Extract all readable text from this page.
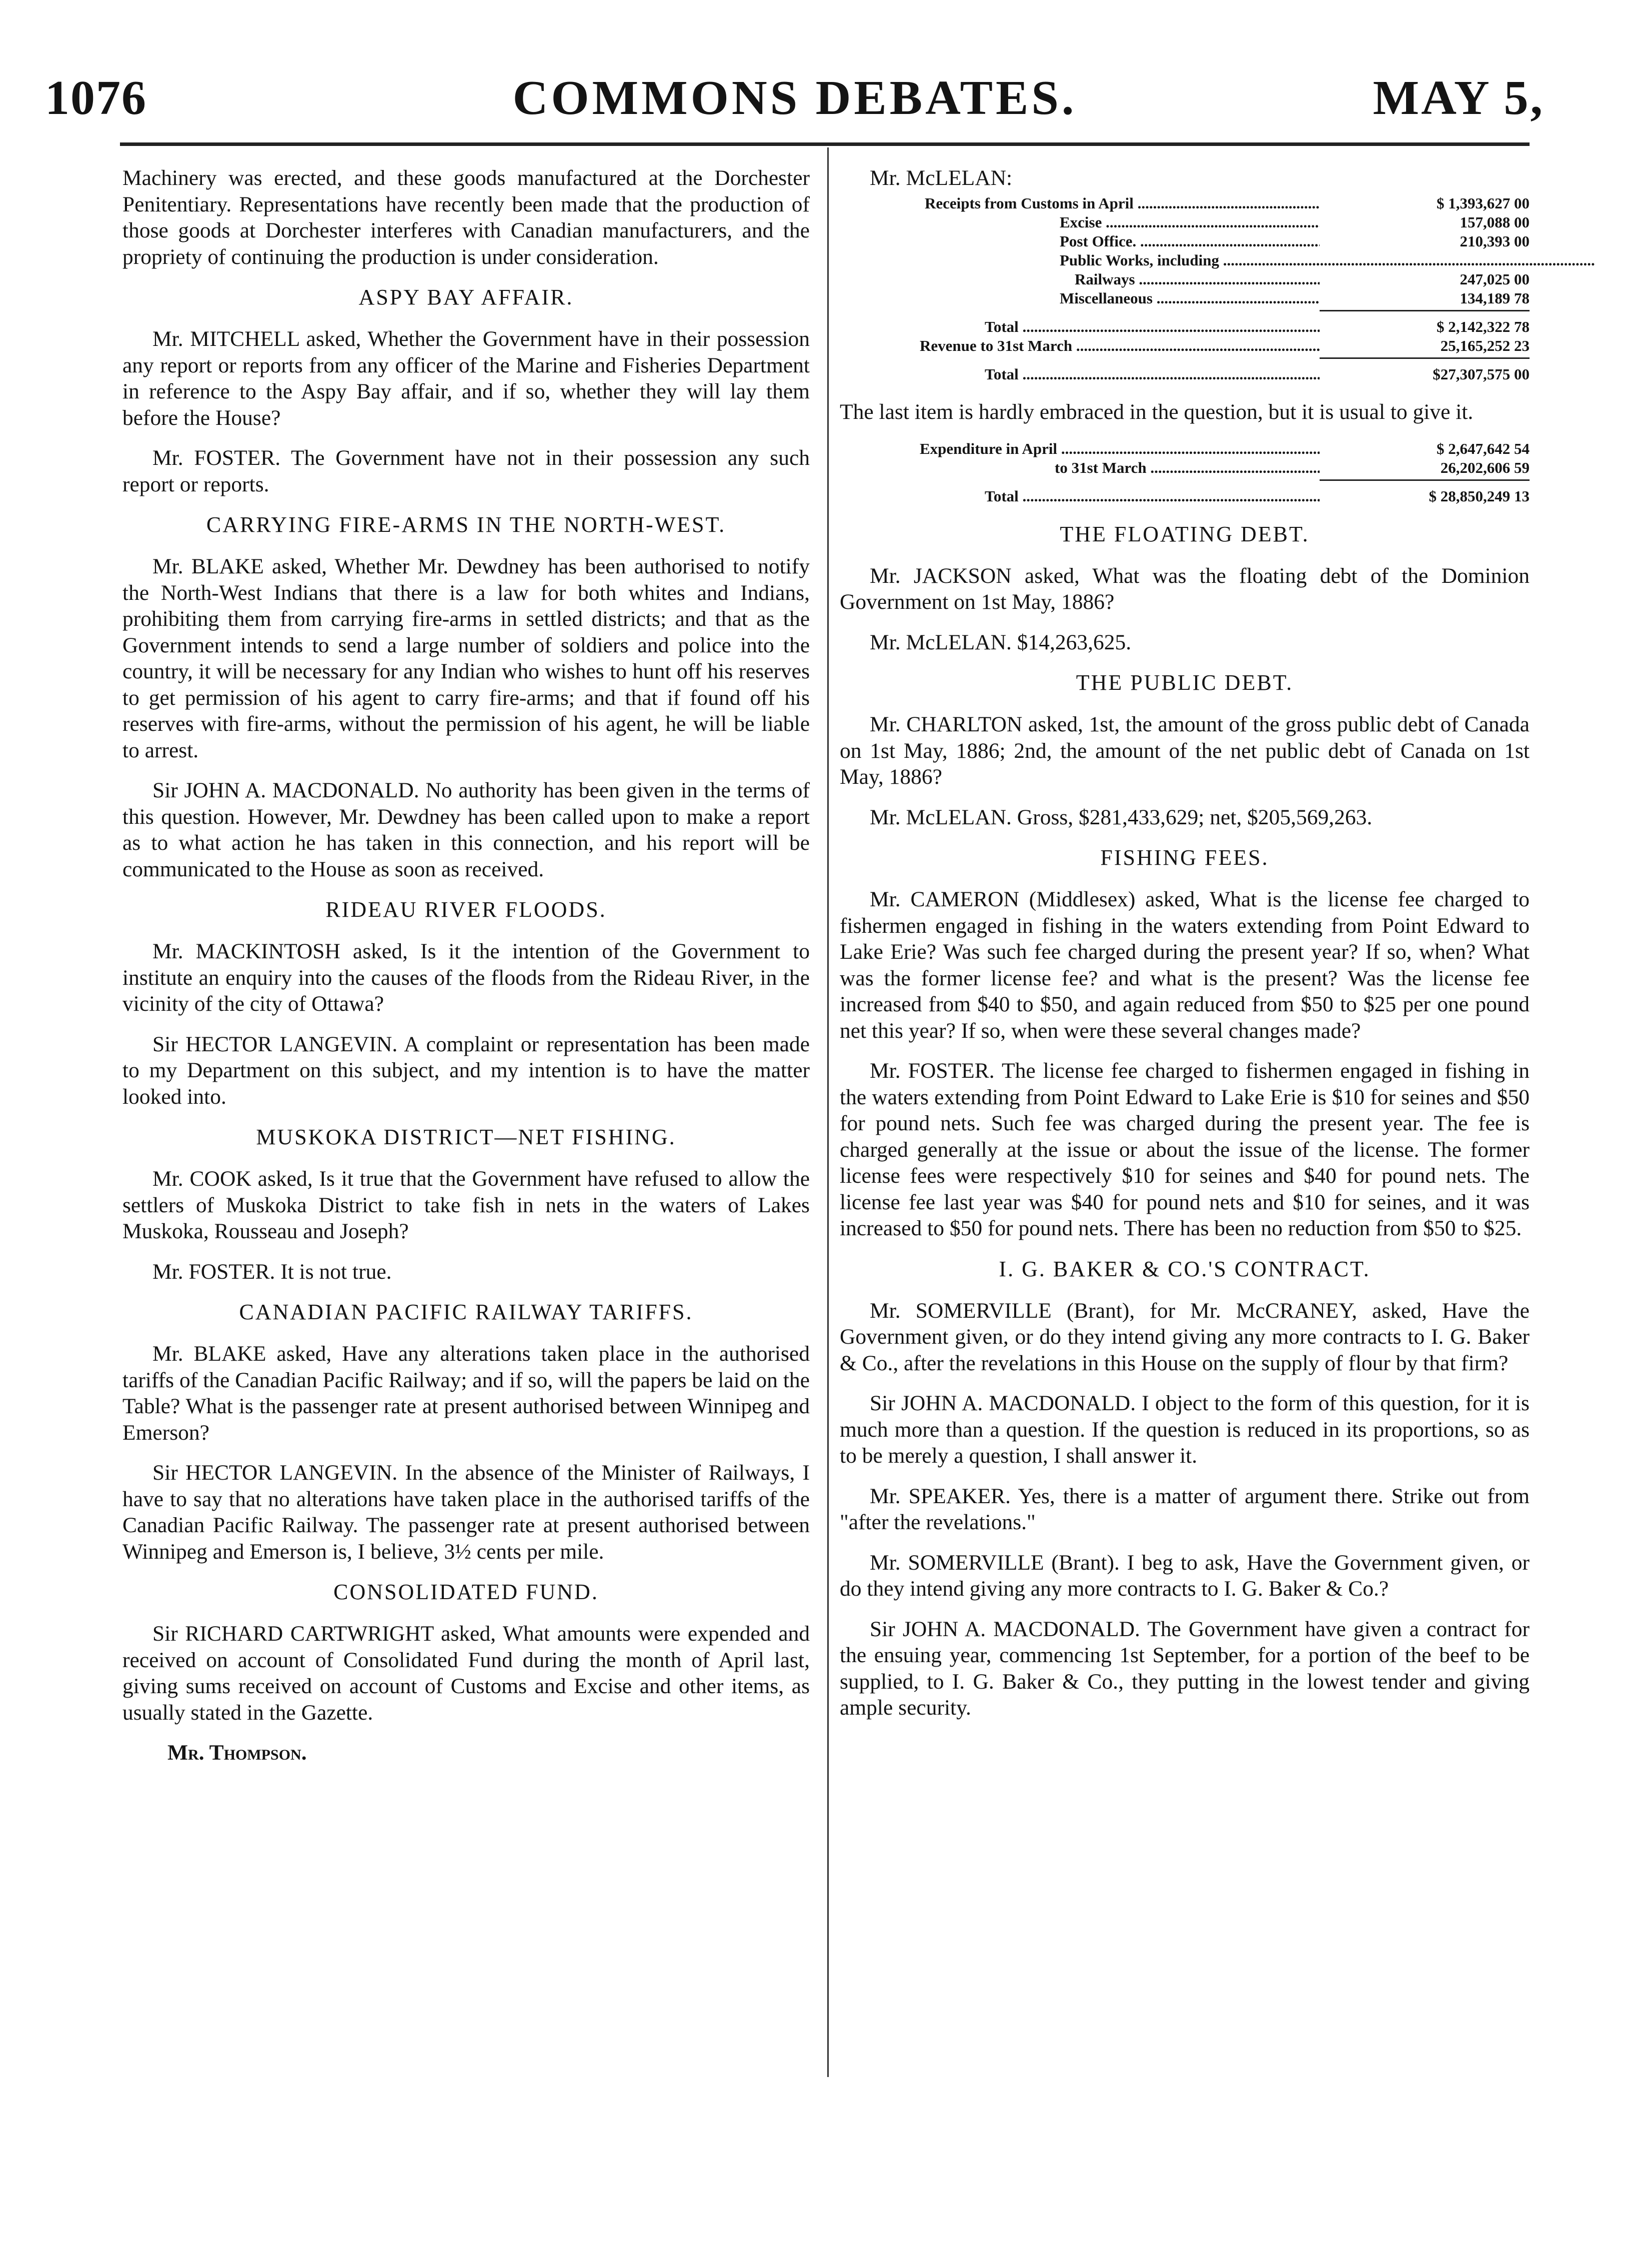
1076	COMMONS DEBATES.	MAY 5,

Machinery was erected, and these goods manufactured at the Dorchester Penitentiary. Representations have recently been made that the production of those goods at Dorchester interferes with Canadian manufacturers, and the propriety of continuing the production is under consideration.

ASPY BAY AFFAIR.

Mr. MITCHELL asked, Whether the Government have in their possession any report or reports from any officer of the Marine and Fisheries Department in reference to the Aspy Bay affair, and if so, whether they will lay them before the House?

Mr. FOSTER. The Government have not in their possession any such report or reports.

CARRYING FIRE-ARMS IN THE NORTH-WEST.

Mr. BLAKE asked, Whether Mr. Dewdney has been authorised to notify the North-West Indians that there is a law for both whites and Indians, prohibiting them from carrying fire-arms in settled districts; and that as the Government intends to send a large number of soldiers and police into the country, it will be necessary for any Indian who wishes to hunt off his reserves to get permission of his agent to carry fire-arms; and that if found off his reserves with fire-arms, without the permission of his agent, he will be liable to arrest.

Sir JOHN A. MACDONALD. No authority has been given in the terms of this question. However, Mr. Dewdney has been called upon to make a report as to what action he has taken in this connection, and his report will be communicated to the House as soon as received.

RIDEAU RIVER FLOODS.

Mr. MACKINTOSH asked, Is it the intention of the Government to institute an enquiry into the causes of the floods from the Rideau River, in the vicinity of the city of Ottawa?

Sir HECTOR LANGEVIN. A complaint or representation has been made to my Department on this subject, and my intention is to have the matter looked into.

MUSKOKA DISTRICT—NET FISHING.

Mr. COOK asked, Is it true that the Government have refused to allow the settlers of Muskoka District to take fish in nets in the waters of Lakes Muskoka, Rousseau and Joseph?

Mr. FOSTER. It is not true.

CANADIAN PACIFIC RAILWAY TARIFFS.

Mr. BLAKE asked, Have any alterations taken place in the authorised tariffs of the Canadian Pacific Railway; and if so, will the papers be laid on the Table? What is the passenger rate at present authorised between Winnipeg and Emerson?

Sir HECTOR LANGEVIN. In the absence of the Minister of Railways, I have to say that no alterations have taken place in the authorised tariffs of the Canadian Pacific Railway. The passenger rate at present authorised between Winnipeg and Emerson is, I believe, 3½ cents per mile.

CONSOLIDATED FUND.

Sir RICHARD CARTWRIGHT asked, What amounts were expended and received on account of Consolidated Fund during the month of April last, giving sums received on account of Customs and Excise and other items, as usually stated in the Gazette.

Mr. Thompson.
Mr. McLELAN:
Receipts from Customs in April .....	$ 1,393,627 00
Excise .....	157,088 00
Post Office. .....	210,393 00
Public Works, including .....
Railways .....	247,025 00
Miscellaneous .....	134,189 78
Total .....	$ 2,142,322 78
Revenue to 31st March .....	25,165,252 23
Total .....	$27,307,575 00

The last item is hardly embraced in the question, but it is usual to give it.

Expenditure in April .....	$ 2,647,642 54
to 31st March .....	26,202,606 59
Total .....	$ 28,850,249 13
THE FLOATING DEBT.

Mr. JACKSON asked, What was the floating debt of the Dominion Government on 1st May, 1886?

Mr. McLELAN. $14,263,625.

THE PUBLIC DEBT.

Mr. CHARLTON asked, 1st, the amount of the gross public debt of Canada on 1st May, 1886; 2nd, the amount of the net public debt of Canada on 1st May, 1886?

Mr. McLELAN. Gross, $281,433,629; net, $205,569,263.

FISHING FEES.

Mr. CAMERON (Middlesex) asked, What is the license fee charged to fishermen engaged in fishing in the waters extending from Point Edward to Lake Erie? Was such fee charged during the present year? If so, when? What was the former license fee? and what is the present? Was the license fee increased from $40 to $50, and again reduced from $50 to $25 per one pound net this year? If so, when were these several changes made?

Mr. FOSTER. The license fee charged to fishermen engaged in fishing in the waters extending from Point Edward to Lake Erie is $10 for seines and $50 for pound nets. Such fee was charged during the present year. The fee is charged generally at the issue or about the issue of the license. The former license fees were respectively $10 for seines and $40 for pound nets. The license fee last year was $40 for pound nets and $10 for seines, and it was increased to $50 for pound nets. There has been no reduction from $50 to $25.

I. G. BAKER & CO.'S CONTRACT.

Mr. SOMERVILLE (Brant), for Mr. McCRANEY, asked, Have the Government given, or do they intend giving any more contracts to I. G. Baker & Co., after the revelations in this House on the supply of flour by that firm?

Sir JOHN A. MACDONALD. I object to the form of this question, for it is much more than a question. If the question is reduced in its proportions, so as to be merely a question, I shall answer it.

Mr. SPEAKER. Yes, there is a matter of argument there. Strike out from "after the revelations."

Mr. SOMERVILLE (Brant). I beg to ask, Have the Government given, or do they intend giving any more contracts to I. G. Baker & Co.?

Sir JOHN A. MACDONALD. The Government have given a contract for the ensuing year, commencing 1st September, for a portion of the beef to be supplied, to I. G. Baker & Co., they putting in the lowest tender and giving ample security.
